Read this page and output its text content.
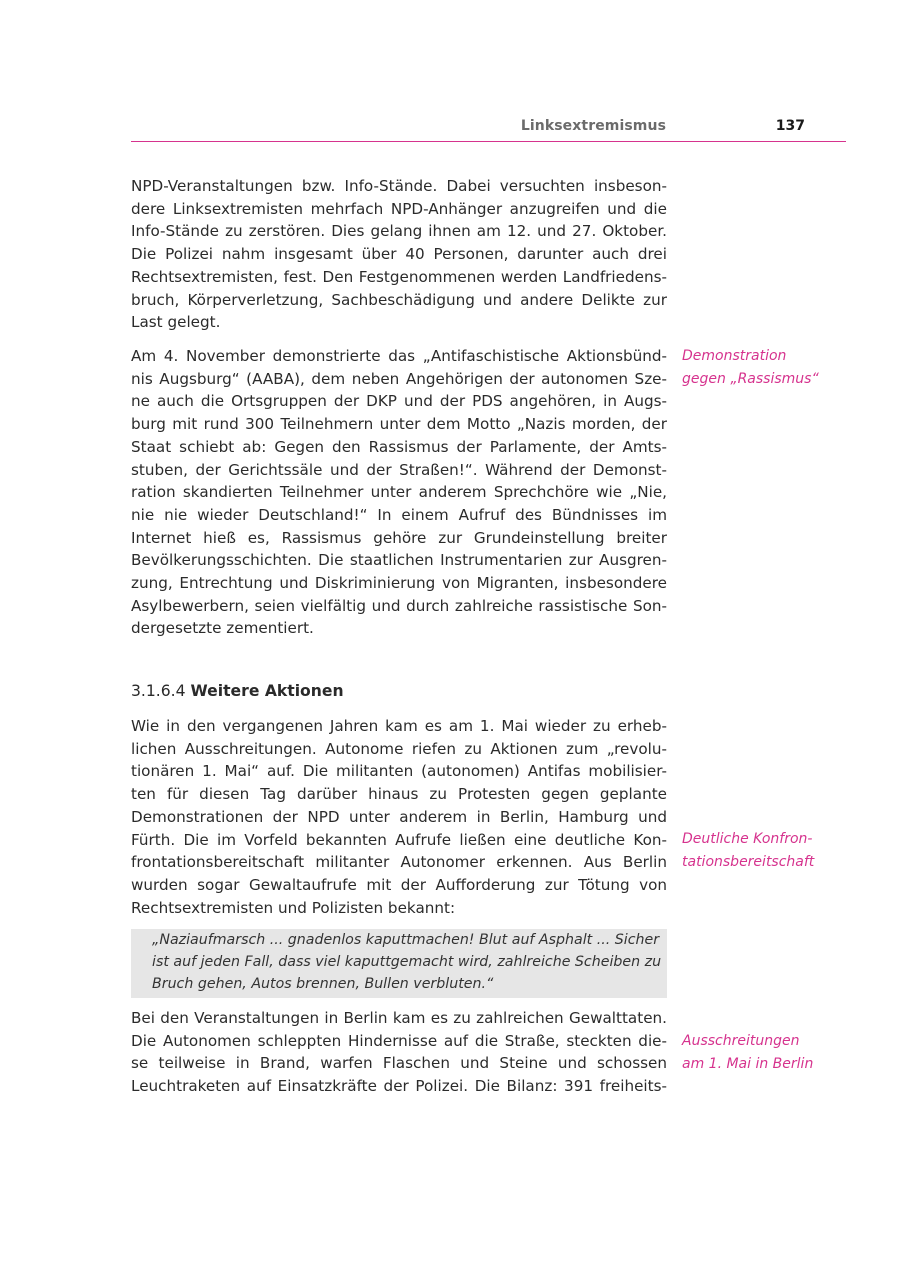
Linksextremismus	137
NPD-Veranstaltungen bzw. Info-Stände. Dabei versuchten insbeson-
dere Linksextremisten mehrfach NPD-Anhänger anzugreifen und die
Info-Stände zu zerstören. Dies gelang ihnen am 12. und 27. Oktober.
Die Polizei nahm insgesamt über 40 Personen, darunter auch drei
Rechtsextremisten, fest. Den Festgenommenen werden Landfriedens-
bruch, Körperverletzung, Sachbeschädigung und andere Delikte zur
Last gelegt.
Am 4. November demonstrierte das „Antifaschistische Aktionsbünd-
nis Augsburg“ (AABA), dem neben Angehörigen der autonomen Sze-
ne auch die Ortsgruppen der DKP und der PDS angehören, in Augs-
burg mit rund 300 Teilnehmern unter dem Motto „Nazis morden, der
Staat schiebt ab: Gegen den Rassismus der Parlamente, der Amts-
stuben, der Gerichtssäle und der Straßen!“. Während der Demonst-
ration skandierten Teilnehmer unter anderem Sprechchöre wie „Nie,
nie nie wieder Deutschland!“ In einem Aufruf des Bündnisses im
Internet hieß es, Rassismus gehöre zur Grundeinstellung breiter
Bevölkerungsschichten. Die staatlichen Instrumentarien zur Ausgren-
zung, Entrechtung und Diskriminierung von Migranten, insbesondere
Asylbewerbern, seien vielfältig und durch zahlreiche rassistische Son-
dergesetzte zementiert.
Demonstration
gegen „Rassismus“
3.1.6.4 Weitere Aktionen
Wie in den vergangenen Jahren kam es am 1. Mai wieder zu erheb-
lichen Ausschreitungen. Autonome riefen zu Aktionen zum „revolu-
tionären 1. Mai“ auf. Die militanten (autonomen) Antifas mobilisier-
ten für diesen Tag darüber hinaus zu Protesten gegen geplante
Demonstrationen der NPD unter anderem in Berlin, Hamburg und
Fürth. Die im Vorfeld bekannten Aufrufe ließen eine deutliche Kon-
frontationsbereitschaft militanter Autonomer erkennen. Aus Berlin
wurden sogar Gewaltaufrufe mit der Aufforderung zur Tötung von
Rechtsextremisten und Polizisten bekannt:
Deutliche Konfron-
tationsbereitschaft
„Naziaufmarsch ... gnadenlos kaputtmachen! Blut auf Asphalt ... Sicher
ist auf jeden Fall, dass viel kaputtgemacht wird, zahlreiche Scheiben zu
Bruch gehen, Autos brennen, Bullen verbluten.“
Bei den Veranstaltungen in Berlin kam es zu zahlreichen Gewalttaten.
Die Autonomen schleppten Hindernisse auf die Straße, steckten die-
se teilweise in Brand, warfen Flaschen und Steine und schossen
Leuchtraketen auf Einsatzkräfte der Polizei. Die Bilanz: 391 freiheits-
Ausschreitungen
am 1. Mai in Berlin
